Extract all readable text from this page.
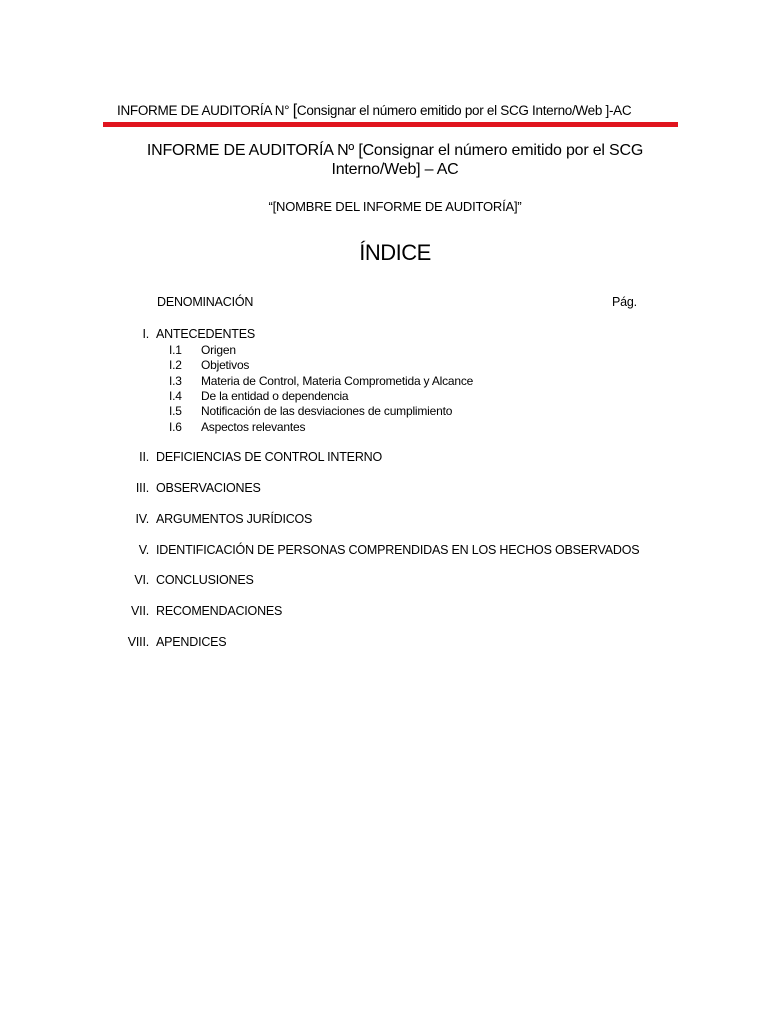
INFORME DE AUDITORÍA N° [Consignar el número emitido por el SCG Interno/Web ]-AC
INFORME DE AUDITORÍA Nº [Consignar el número emitido por el SCG
Interno/Web] – AC
“[NOMBRE DEL INFORME DE AUDITORÍA]”
ÍNDICE
DENOMINACIÓN	Pág.
I. ANTECEDENTES
I.1 Origen
I.2 Objetivos
I.3 Materia de Control, Materia Comprometida y Alcance
I.4 De la entidad o dependencia
I.5 Notificación de las desviaciones de cumplimiento
I.6 Aspectos relevantes
II. DEFICIENCIAS DE CONTROL INTERNO
III. OBSERVACIONES
IV. ARGUMENTOS JURÍDICOS
V. IDENTIFICACIÓN DE PERSONAS COMPRENDIDAS EN LOS HECHOS OBSERVADOS
VI. CONCLUSIONES
VII. RECOMENDACIONES
VIII. APENDICES
